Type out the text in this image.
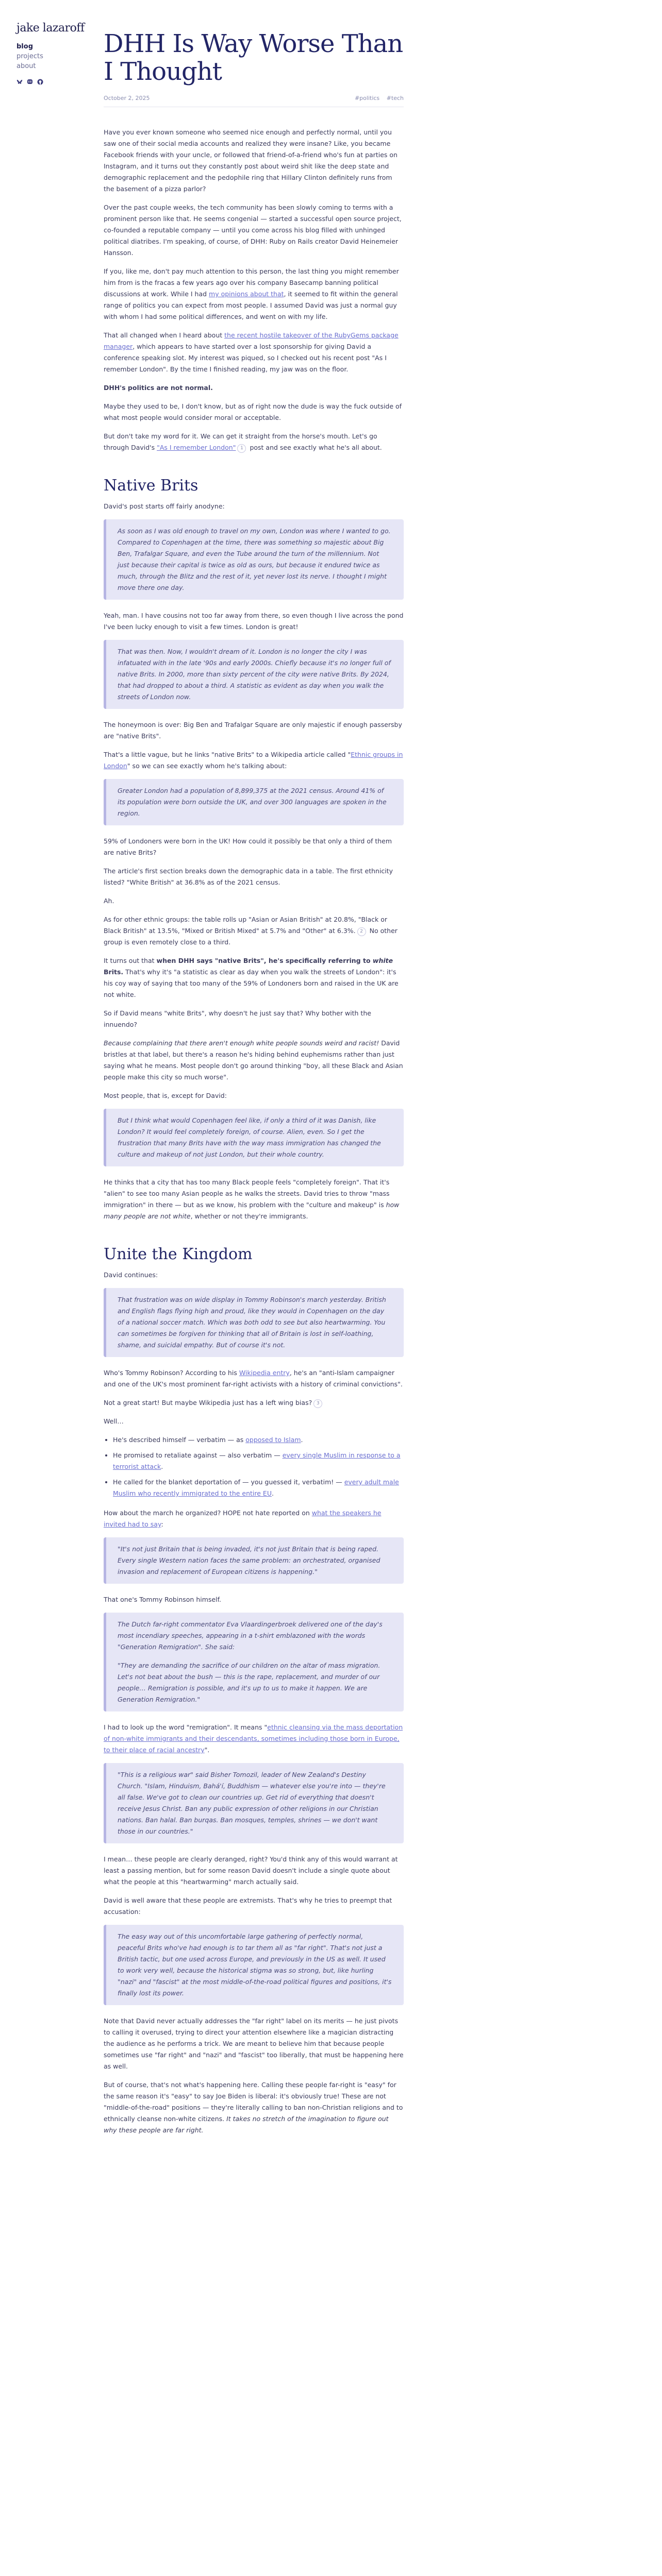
jake lazaroff
blog
projects
about
DHH Is Way Worse Than I Thought
October 2, 2025	#politics #tech

Have you ever known someone who seemed nice enough and perfectly normal, until you saw one of their social media accounts and realized they were insane? Like, you became Facebook friends with your uncle, or followed that friend-of-a-friend who's fun at parties on Instagram, and it turns out they constantly post about weird shit like the deep state and demographic replacement and the pedophile ring that Hillary Clinton definitely runs from the basement of a pizza parlor?

Over the past couple weeks, the tech community has been slowly coming to terms with a prominent person like that. He seems congenial — started a successful open source project, co-founded a reputable company — until you come across his blog filled with unhinged political diatribes. I'm speaking, of course, of DHH: Ruby on Rails creator David Heinemeier Hansson.

If you, like me, don't pay much attention to this person, the last thing you might remember him from is the fracas a few years ago over his company Basecamp banning political discussions at work. While I had my opinions about that, it seemed to fit within the general range of politics you can expect from most people. I assumed David was just a normal guy with whom I had some political differences, and went on with my life.

That all changed when I heard about the recent hostile takeover of the RubyGems package manager, which appears to have started over a lost sponsorship for giving David a conference speaking slot. My interest was piqued, so I checked out his recent post "As I remember London". By the time I finished reading, my jaw was on the floor.

DHH's politics are not normal.

Maybe they used to be, I don't know, but as of right now the dude is way the fuck outside of what most people would consider moral or acceptable.

But don't take my word for it. We can get it straight from the horse's mouth. Let's go through David's "As I remember London" 1 post and see exactly what he's all about.

Native Brits

David's post starts off fairly anodyne:

As soon as I was old enough to travel on my own, London was where I wanted to go. Compared to Copenhagen at the time, there was something so majestic about Big Ben, Trafalgar Square, and even the Tube around the turn of the millennium. Not just because their capital is twice as old as ours, but because it endured twice as much, through the Blitz and the rest of it, yet never lost its nerve. I thought I might move there one day.

Yeah, man. I have cousins not too far away from there, so even though I live across the pond I've been lucky enough to visit a few times. London is great!

That was then. Now, I wouldn't dream of it. London is no longer the city I was infatuated with in the late '90s and early 2000s. Chiefly because it's no longer full of native Brits. In 2000, more than sixty percent of the city were native Brits. By 2024, that had dropped to about a third. A statistic as evident as day when you walk the streets of London now.

The honeymoon is over: Big Ben and Trafalgar Square are only majestic if enough passersby are "native Brits".

That's a little vague, but he links "native Brits" to a Wikipedia article called "Ethnic groups in London" so we can see exactly whom he's talking about:

Greater London had a population of 8,899,375 at the 2021 census. Around 41% of its population were born outside the UK, and over 300 languages are spoken in the region.

59% of Londoners were born in the UK! How could it possibly be that only a third of them are native Brits?

The article's first section breaks down the demographic data in a table. The first ethnicity listed? "White British" at 36.8% as of the 2021 census.

Ah.

As for other ethnic groups: the table rolls up "Asian or Asian British" at 20.8%, "Black or Black British" at 13.5%, "Mixed or British Mixed" at 5.7% and "Other" at 6.3%. 2 No other group is even remotely close to a third.

It turns out that when DHH says "native Brits", he's specifically referring to white Brits. That's why it's "a statistic as clear as day when you walk the streets of London": it's his coy way of saying that too many of the 59% of Londoners born and raised in the UK are not white.

So if David means "white Brits", why doesn't he just say that? Why bother with the innuendo?

Because complaining that there aren't enough white people sounds weird and racist! David bristles at that label, but there's a reason he's hiding behind euphemisms rather than just saying what he means. Most people don't go around thinking "boy, all these Black and Asian people make this city so much worse".

Most people, that is, except for David:

But I think what would Copenhagen feel like, if only a third of it was Danish, like London? It would feel completely foreign, of course. Alien, even. So I get the frustration that many Brits have with the way mass immigration has changed the culture and makeup of not just London, but their whole country.

He thinks that a city that has too many Black people feels "completely foreign". That it's "alien" to see too many Asian people as he walks the streets. David tries to throw "mass immigration" in there — but as we know, his problem with the "culture and makeup" is how many people are not white, whether or not they're immigrants.

Unite the Kingdom

David continues:

That frustration was on wide display in Tommy Robinson's march yesterday. British and English flags flying high and proud, like they would in Copenhagen on the day of a national soccer match. Which was both odd to see but also heartwarming. You can sometimes be forgiven for thinking that all of Britain is lost in self-loathing, shame, and suicidal empathy. But of course it's not.

Who's Tommy Robinson? According to his Wikipedia entry, he's an "anti-Islam campaigner and one of the UK's most prominent far-right activists with a history of criminal convictions".

Not a great start! But maybe Wikipedia just has a left wing bias? 3

Well…

• He's described himself — verbatim — as opposed to Islam.
• He promised to retaliate against — also verbatim — every single Muslim in response to a terrorist attack.
• He called for the blanket deportation of — you guessed it, verbatim! — every adult male Muslim who recently immigrated to the entire EU.

How about the march he organized? HOPE not hate reported on what the speakers he invited had to say:

"It's not just Britain that is being invaded, it's not just Britain that is being raped. Every single Western nation faces the same problem: an orchestrated, organised invasion and replacement of European citizens is happening."

That one's Tommy Robinson himself.

The Dutch far-right commentator Eva Vlaardingerbroek delivered one of the day's most incendiary speeches, appearing in a t-shirt emblazoned with the words "Generation Remigration". She said:

"They are demanding the sacrifice of our children on the altar of mass migration. Let's not beat about the bush — this is the rape, replacement, and murder of our people… Remigration is possible, and it's up to us to make it happen. We are Generation Remigration."

I had to look up the word "remigration". It means "ethnic cleansing via the mass deportation of non-white immigrants and their descendants, sometimes including those born in Europe, to their place of racial ancestry".

"This is a religious war" said Bisher Tomozil, leader of New Zealand's Destiny Church. "Islam, Hinduism, Bahá'í, Buddhism — whatever else you're into — they're all false. We've got to clean our countries up. Get rid of everything that doesn't receive Jesus Christ. Ban any public expression of other religions in our Christian nations. Ban halal. Ban burqas. Ban mosques, temples, shrines — we don't want those in our countries."

I mean… these people are clearly deranged, right? You'd think any of this would warrant at least a passing mention, but for some reason David doesn't include a single quote about what the people at this "heartwarming" march actually said.

David is well aware that these people are extremists. That's why he tries to preempt that accusation:

The easy way out of this uncomfortable large gathering of perfectly normal, peaceful Brits who've had enough is to tar them all as "far right". That's not just a British tactic, but one used across Europe, and previously in the US as well. It used to work very well, because the historical stigma was so strong, but, like hurling "nazi" and "fascist" at the most middle-of-the-road political figures and positions, it's finally lost its power.

Note that David never actually addresses the "far right" label on its merits — he just pivots to calling it overused, trying to direct your attention elsewhere like a magician distracting the audience as he performs a trick. We are meant to believe him that because people sometimes use "far right" and "nazi" and "fascist" too liberally, that must be happening here as well.

But of course, that's not what's happening here. Calling these people far-right is "easy" for the same reason it's "easy" to say Joe Biden is liberal: it's obviously true! These are not "middle-of-the-road" positions — they're literally calling to ban non-Christian religions and to ethnically cleanse non-white citizens. It takes no stretch of the imagination to figure out why these people are far right.
